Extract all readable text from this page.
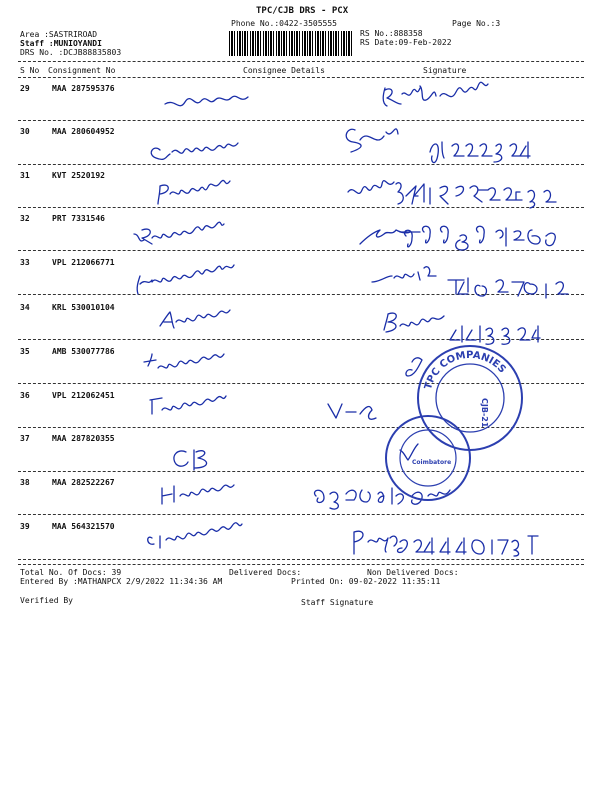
TPC/CJB DRS - PCX
Phone No.:0422-3505555	Page No.:3
Area :SASTRIROAD
Staff :MUNIOYANDI
DRS No. :DCJB88835803
RS No.:888358
RS Date:09-Feb-2022
S No Consignment No	Consignee Details	Signature
29	MAA 287595376
30	MAA 280604952
31	KVT 2520192
32	PRT 7331546
33	VPL 212066771
34	KRL 530010104
35	AMB 530077786
36	VPL 212062451
37	MAA 287820355
38	MAA 282522267
39	MAA 564321570
TPC COMPANIES
CJB-21
Coimbatore
Total No. Of Docs: 39	Delivered Docs:	Non Delivered Docs:
Entered By :MATHANPCX 2/9/2022 11:34:36 AM	Printed On: 09-02-2022 11:35:11
Verified By	Staff Signature
